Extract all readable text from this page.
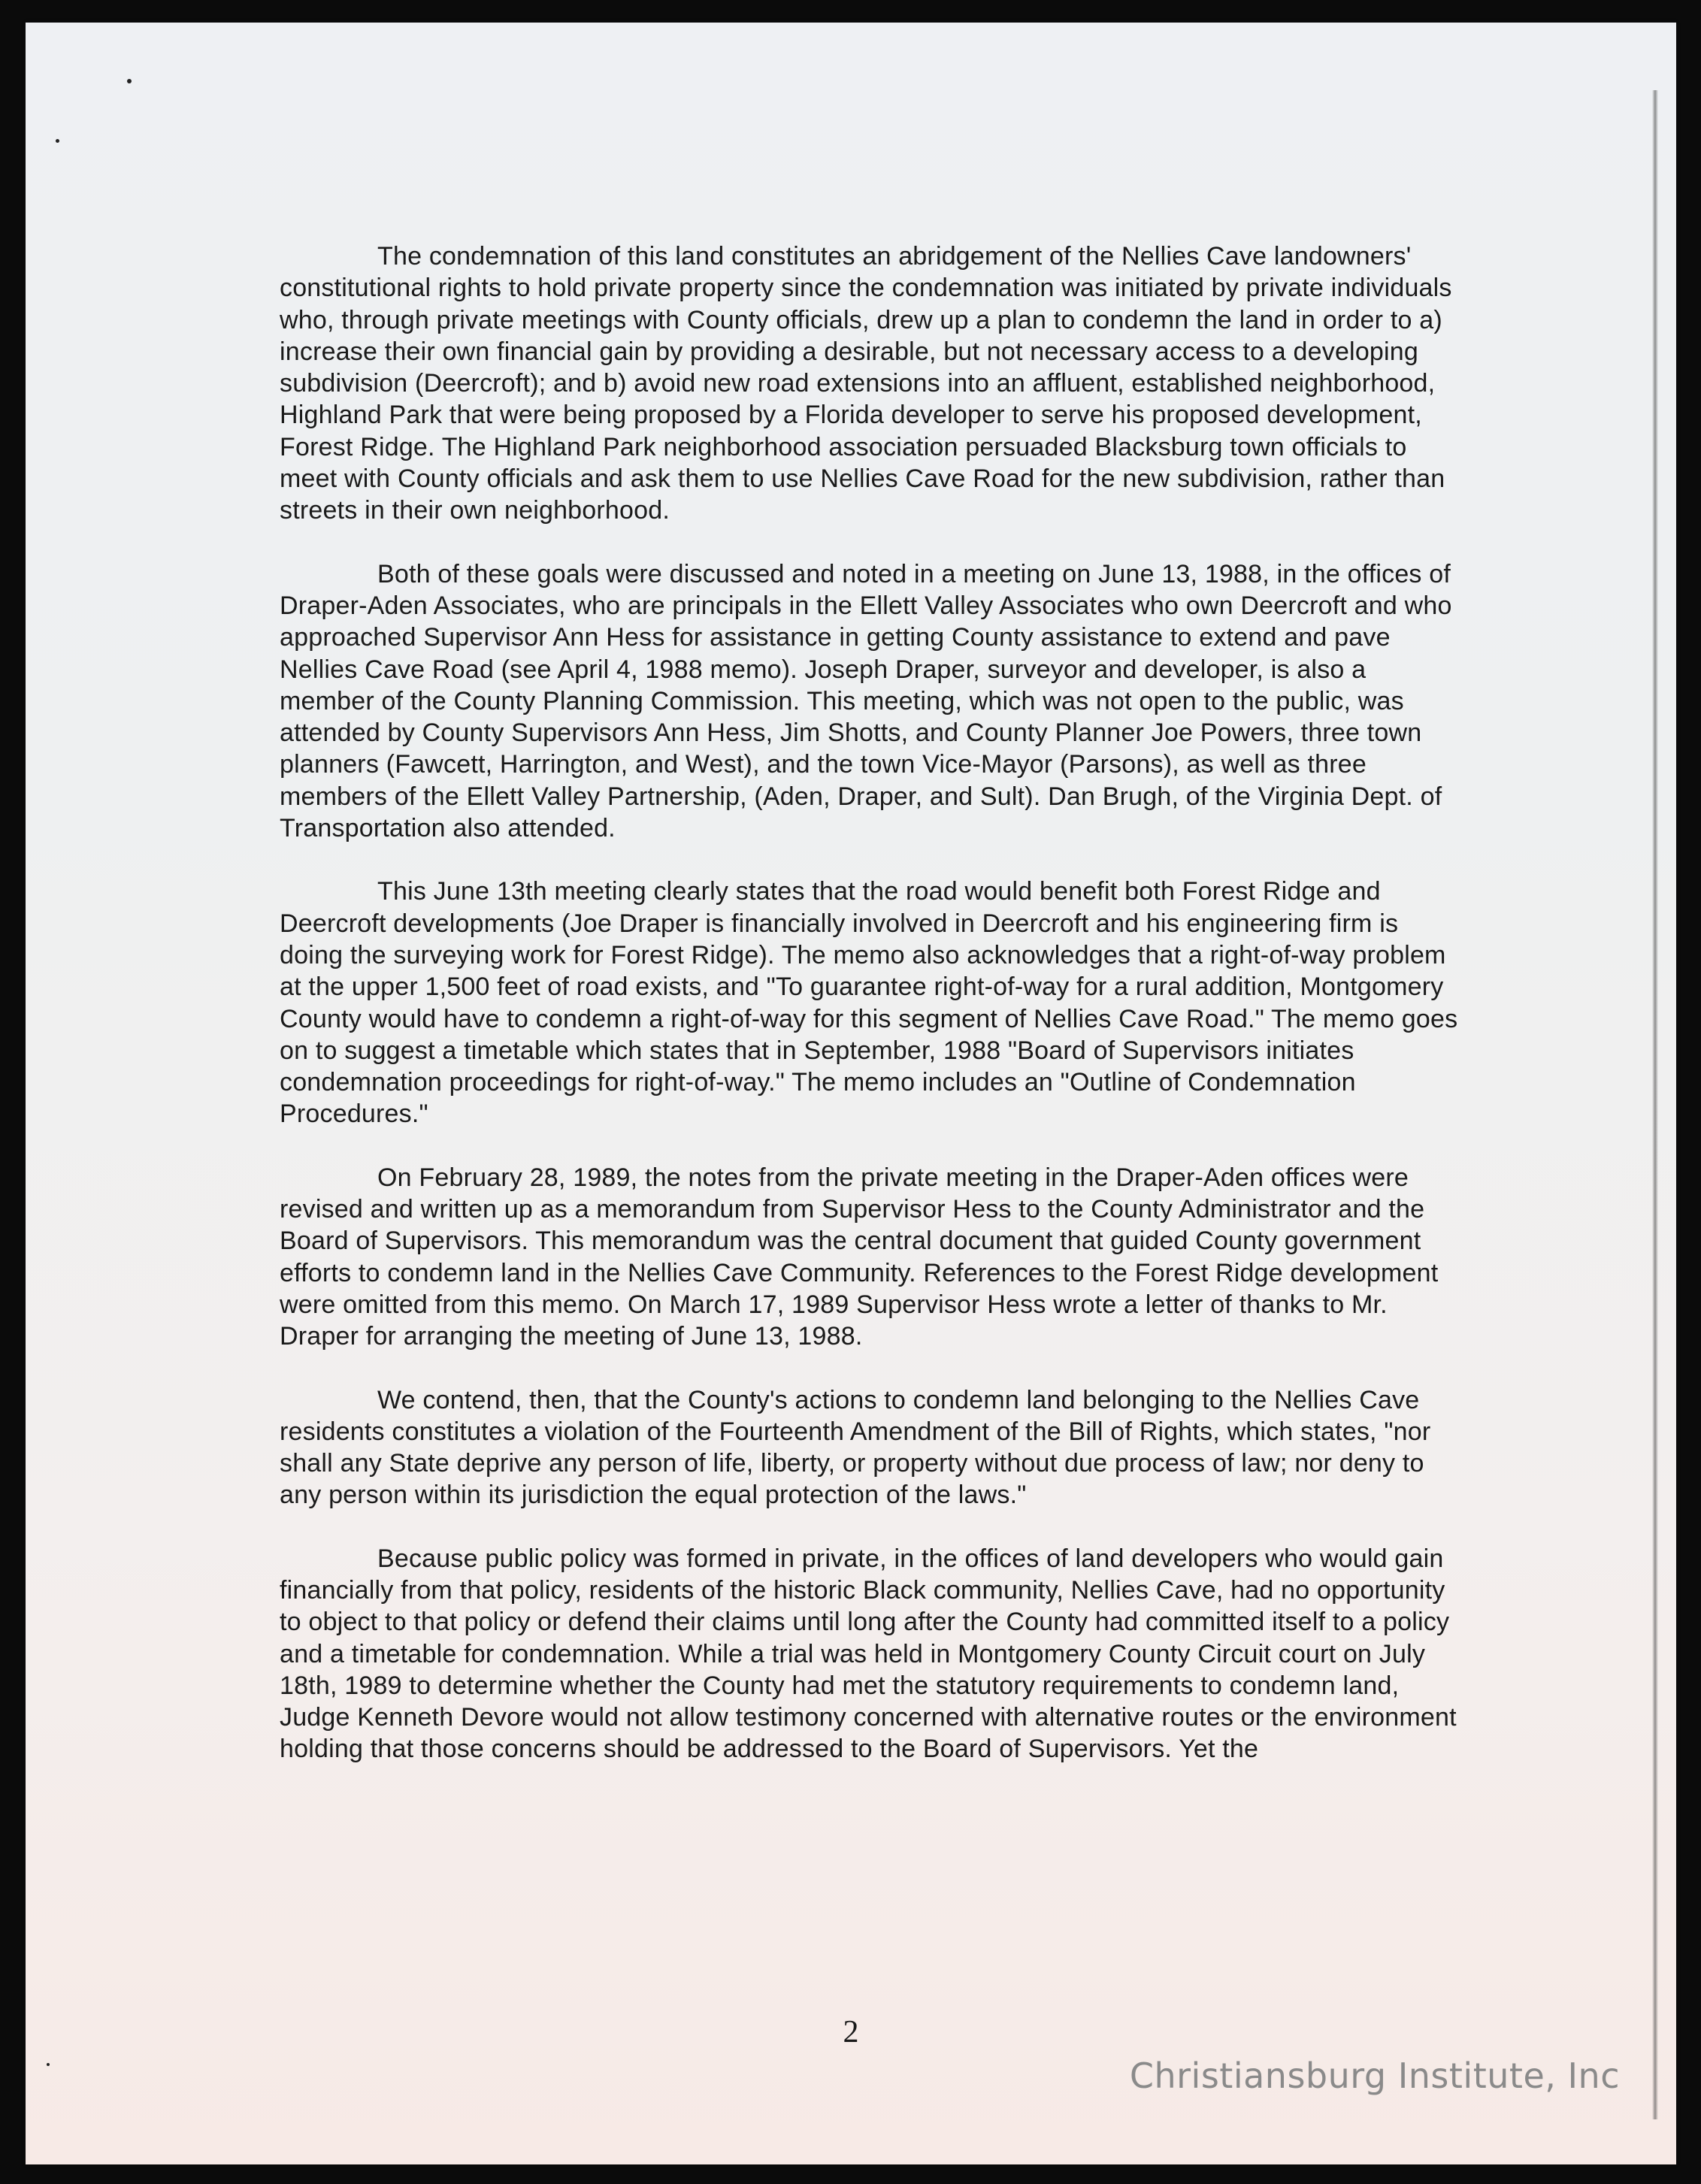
The condemnation of this land constitutes an abridgement of the Nellies Cave landowners' constitutional rights to hold private property since the condemnation was initiated by private individuals who, through private meetings with County officials, drew up a plan to condemn the land in order to a) increase their own financial gain by providing a desirable, but not necessary access to a developing subdivision (Deercroft); and b) avoid new road extensions into an affluent, established neighborhood, Highland Park that were being proposed by a Florida developer to serve his proposed development, Forest Ridge. The Highland Park neighborhood association persuaded Blacksburg town officials to meet with County officials and ask them to use Nellies Cave Road for the new subdivision, rather than streets in their own neighborhood.

Both of these goals were discussed and noted in a meeting on June 13, 1988, in the offices of Draper-Aden Associates, who are principals in the Ellett Valley Associates who own Deercroft and who approached Supervisor Ann Hess for assistance in getting County assistance to extend and pave Nellies Cave Road (see April 4, 1988 memo). Joseph Draper, surveyor and developer, is also a member of the County Planning Commission. This meeting, which was not open to the public, was attended by County Supervisors Ann Hess, Jim Shotts, and County Planner Joe Powers, three town planners (Fawcett, Harrington, and West), and the town Vice-Mayor (Parsons), as well as three members of the Ellett Valley Partnership, (Aden, Draper, and Sult). Dan Brugh, of the Virginia Dept. of Transportation also attended.

This June 13th meeting clearly states that the road would benefit both Forest Ridge and Deercroft developments (Joe Draper is financially involved in Deercroft and his engineering firm is doing the surveying work for Forest Ridge). The memo also acknowledges that a right-of-way problem at the upper 1,500 feet of road exists, and "To guarantee right-of-way for a rural addition, Montgomery County would have to condemn a right-of-way for this segment of Nellies Cave Road." The memo goes on to suggest a timetable which states that in September, 1988 "Board of Supervisors initiates condemnation proceedings for right-of-way." The memo includes an "Outline of Condemnation Procedures."

On February 28, 1989, the notes from the private meeting in the Draper-Aden offices were revised and written up as a memorandum from Supervisor Hess to the County Administrator and the Board of Supervisors. This memorandum was the central document that guided County government efforts to condemn land in the Nellies Cave Community. References to the Forest Ridge development were omitted from this memo. On March 17, 1989 Supervisor Hess wrote a letter of thanks to Mr. Draper for arranging the meeting of June 13, 1988.

We contend, then, that the County's actions to condemn land belonging to the Nellies Cave residents constitutes a violation of the Fourteenth Amendment of the Bill of Rights, which states, "nor shall any State deprive any person of life, liberty, or property without due process of law; nor deny to any person within its jurisdiction the equal protection of the laws."

Because public policy was formed in private, in the offices of land developers who would gain financially from that policy, residents of the historic Black community, Nellies Cave, had no opportunity to object to that policy or defend their claims until long after the County had committed itself to a policy and a timetable for condemnation. While a trial was held in Montgomery County Circuit court on July 18th, 1989 to determine whether the County had met the statutory requirements to condemn land, Judge Kenneth Devore would not allow testimony concerned with alternative routes or the environment holding that those concerns should be addressed to the Board of Supervisors. Yet the

2
Christiansburg Institute, Inc
